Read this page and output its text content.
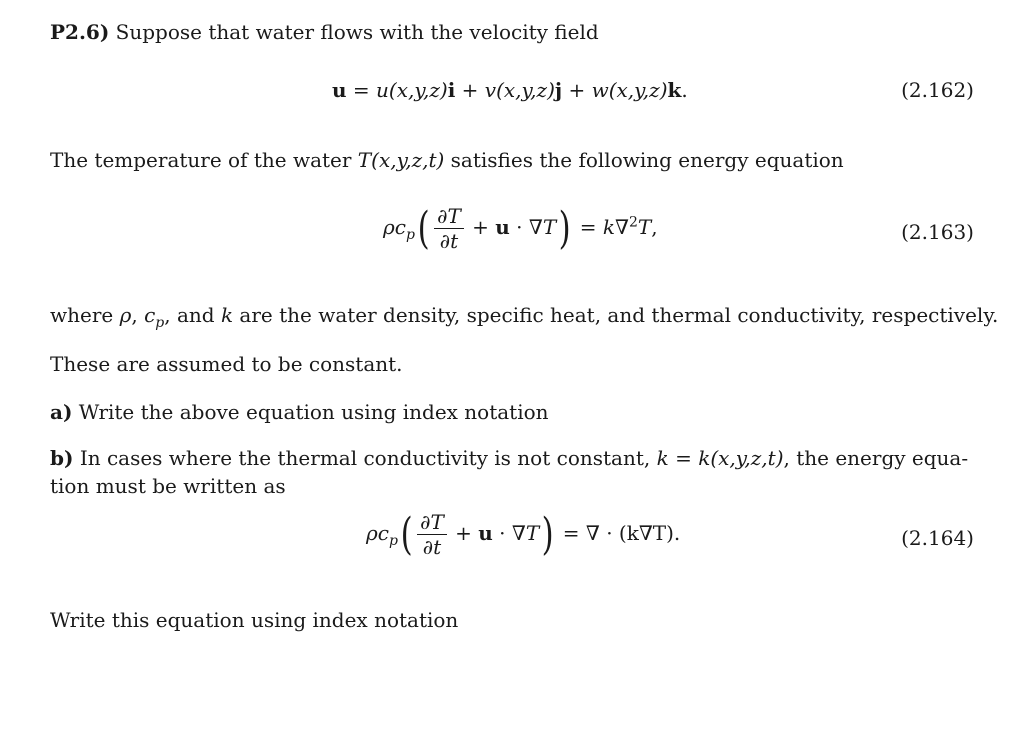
P2.6) Suppose that water flows with the velocity field
u = u(x,y,z)i + v(x,y,z)j + w(x,y,z)k.	(2.162)
The temperature of the water T(x,y,z,t) satisfies the following energy equation
$\rho c_p( \frac{\partial T}{\partial t} + u \cdot \nabla T) = k\nabla^2T$,	(2.163)
where ρ, $c_p$, and k are the water density, specific heat, and thermal conductivity, respectively.
These are assumed to be constant.
a) Write the above equation using index notation
b) In cases where the thermal conductivity is not constant, k = k(x,y,z,t), the energy equa-
tion must be written as
$\rho c_p( \frac{\partial T}{\partial t} + u \cdot \nabla T)$ = ∇ · (k∇T).	(2.164)
Write this equation using index notation
